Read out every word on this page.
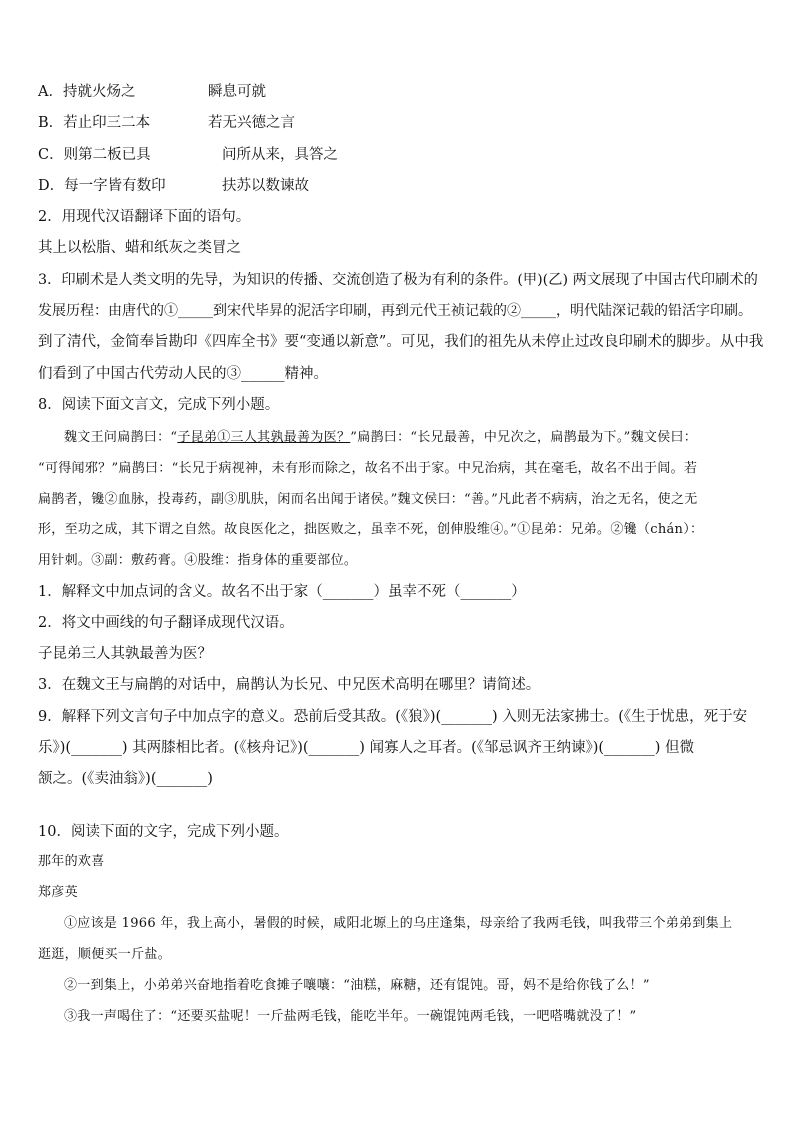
A．持就火炀之	瞬息可就
B．若止印三二本	若无兴德之言
C．则第二板已具	问所从来，具答之
D．每一字皆有数印	扶苏以数谏故
2．用现代汉语翻译下面的语句。
其上以松脂、蜡和纸灰之类冒之
3．印刷术是人类文明的先导，为知识的传播、交流创造了极为有利的条件。(甲)(乙) 两文展现了中国古代印刷术的
发展历程：由唐代的①_____到宋代毕昇的泥活字印刷，再到元代王祯记载的②_____，明代陆深记载的铅活字印刷。
到了清代，金简奉旨勘印《四库全书》要“变通以新意”。可见，我们的祖先从未停止过改良印刷术的脚步。从中我
们看到了中国古代劳动人民的③______精神。
8．阅读下面文言文，完成下列小题。
魏文王问扁鹊曰：“子昆弟①三人其孰最善为医？”扁鹊曰：“长兄最善，中兄次之，扁鹊最为下。”魏文侯曰：
“可得闻邪？”扁鹊曰：“长兄于病视神，未有形而除之，故名不出于家。中兄治病，其在毫毛，故名不出于闾。若
扁鹊者，镵②血脉，投毒药，副③肌肤，闲而名出闻于诸侯。”魏文侯曰：“善。”凡此者不病病，治之无名，使之无
形，至功之成，其下谓之自然。故良医化之，拙医败之，虽幸不死，创伸股维④。”①昆弟：兄弟。②镵（chán）：
用针刺。③副：敷药膏。④股维：指身体的重要部位。
1．解释文中加点词的含义。故名不出于家（_______）虽幸不死（_______）
2．将文中画线的句子翻译成现代汉语。
子昆弟三人其孰最善为医？
3．在魏文王与扁鹊的对话中，扁鹊认为长兄、中兄医术高明在哪里？请简述。
9．解释下列文言句子中加点字的意义。恐前后受其敌。(《狼》)(_______) 入则无法家拂士。(《生于忧患，死于安
乐》)(_______) 其两膝相比者。(《核舟记》)(_______) 闻寡人之耳者。(《邹忌讽齐王纳谏》)(_______) 但微
颔之。(《卖油翁》)(_______)
10．阅读下面的文字，完成下列小题。
那年的欢喜
郑彦英
①应该是 1966 年，我上高小，暑假的时候，咸阳北塬上的乌庄逢集，母亲给了我两毛钱，叫我带三个弟弟到集上
逛逛，顺便买一斤盐。
②一到集上，小弟弟兴奋地指着吃食摊子嚷嚷：“油糕，麻糖，还有馄饨。哥，妈不是给你钱了么！”
③我一声喝住了：“还要买盐呢！一斤盐两毛钱，能吃半年。一碗馄饨两毛钱，一吧嗒嘴就没了！”
